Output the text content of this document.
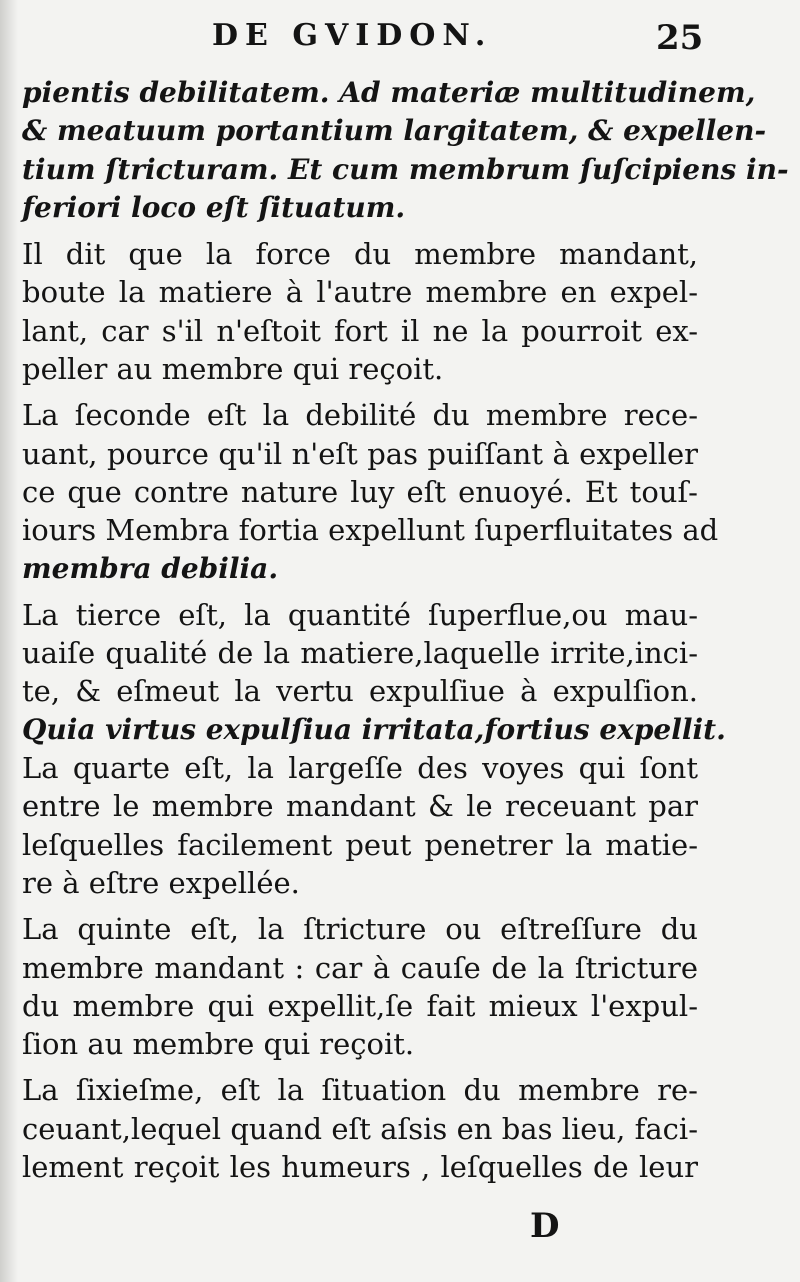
DE GVIDON.	25
pientis debilitatem. Ad materiæ multitudinem,
& meatuum portantium largitatem, & expellen-
tium ſtricturam. Et cum membrum ſuſcipiens in-
feriori loco eſt ſituatum.
Il dit que la force du membre mandant,
boute la matiere à l'autre membre en expel-
lant, car s'il n'eſtoit fort il ne la pourroit ex-
peller au membre qui reçoit.
La ſeconde eſt la debilité du membre rece-
uant, pource qu'il n'eſt pas puiſſant à expeller
ce que contre nature luy eſt enuoyé. Et touſ-
iours Membra fortia expellunt ſuperfluitates ad
membra debilia.
La tierce eſt, la quantité ſuperflue,ou mau-
uaiſe qualité de la matiere,laquelle irrite,inci-
te, & eſmeut la vertu expulſiue à expulſion.
Quia virtus expulſiua irritata,fortius expellit.
La quarte eſt, la largeſſe des voyes qui ſont
entre le membre mandant & le receuant par
leſquelles facilement peut penetrer la matie-
re à eſtre expellée.
La quinte eſt, la ſtricture ou eſtreſſure du
membre mandant : car à cauſe de la ſtricture
du membre qui expellit,ſe fait mieux l'expul-
ſion au membre qui reçoit.
La ſixieſme, eſt la ſituation du membre re-
ceuant,lequel quand eſt aſsis en bas lieu, faci-
lement reçoit les humeurs , leſquelles de leur
D
